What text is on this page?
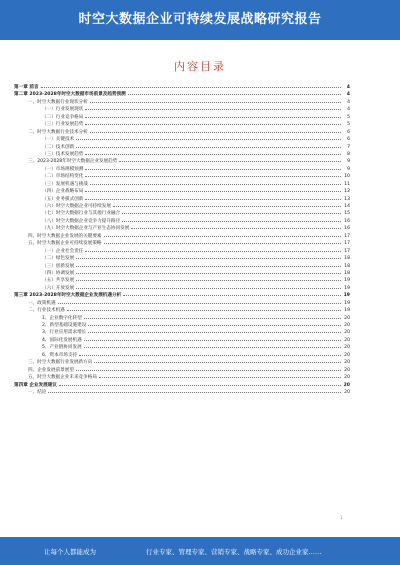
时空大数据企业可持续发展战略研究报告
内容目录
第一章 前言	4
第二章 2023-2028年时空大数据市场前景及趋势预测	4
一、时空大数据行业现状分析	4
（一）行业发展现状	4
（二）行业竞争格局	5
（三）行业发展趋势	5
二、时空大数据行业技术分析	6
（一）关键技术	6
（二）技术创新	7
（三）技术发展趋势	8
三、2023-2028年时空大数据企业发展趋势	9
（一）市场规模预测	9
（二）市场结构变化	10
（三）发展机遇与挑战	11
（四）企业战略布局	12
（五）业务模式创新	13
（六）时空大数据企业可持续发展	14
（七）时空大数据行业与其他行业融合	15
（八）时空大数据企业竞争力提升路径	16
（九）时空大数据企业与产业生态协同发展	16
四、时空大数据企业发展的关键要素	17
五、时空大数据企业可持续发展策略	17
（一）企业社会责任	17
（二）绿色发展	18
（三）创新发展	18
（四）协调发展	18
（五）共享发展	19
（六）开放发展	19
第三章 2023-2028年时空大数据企业发展机遇分析	19
一、政策机遇	19
二、行业技术机遇	19
1、企业数字化转型	20
2、新型基础设施建设	20
3、行业应用需求增长	20
4、国际化发展机遇	20
5、产业链协同发展	20
6、资本市场支持	20
三、时空大数据行业发展新方向	20
四、企业发展前景展望	20
五、时空大数据企业未来竞争格局	20
第四章 企业发展建议	20
一、结论	20
1
让每个人都能成为	行业专家、管理专家、营销专家、战略专家、成功企业家……
